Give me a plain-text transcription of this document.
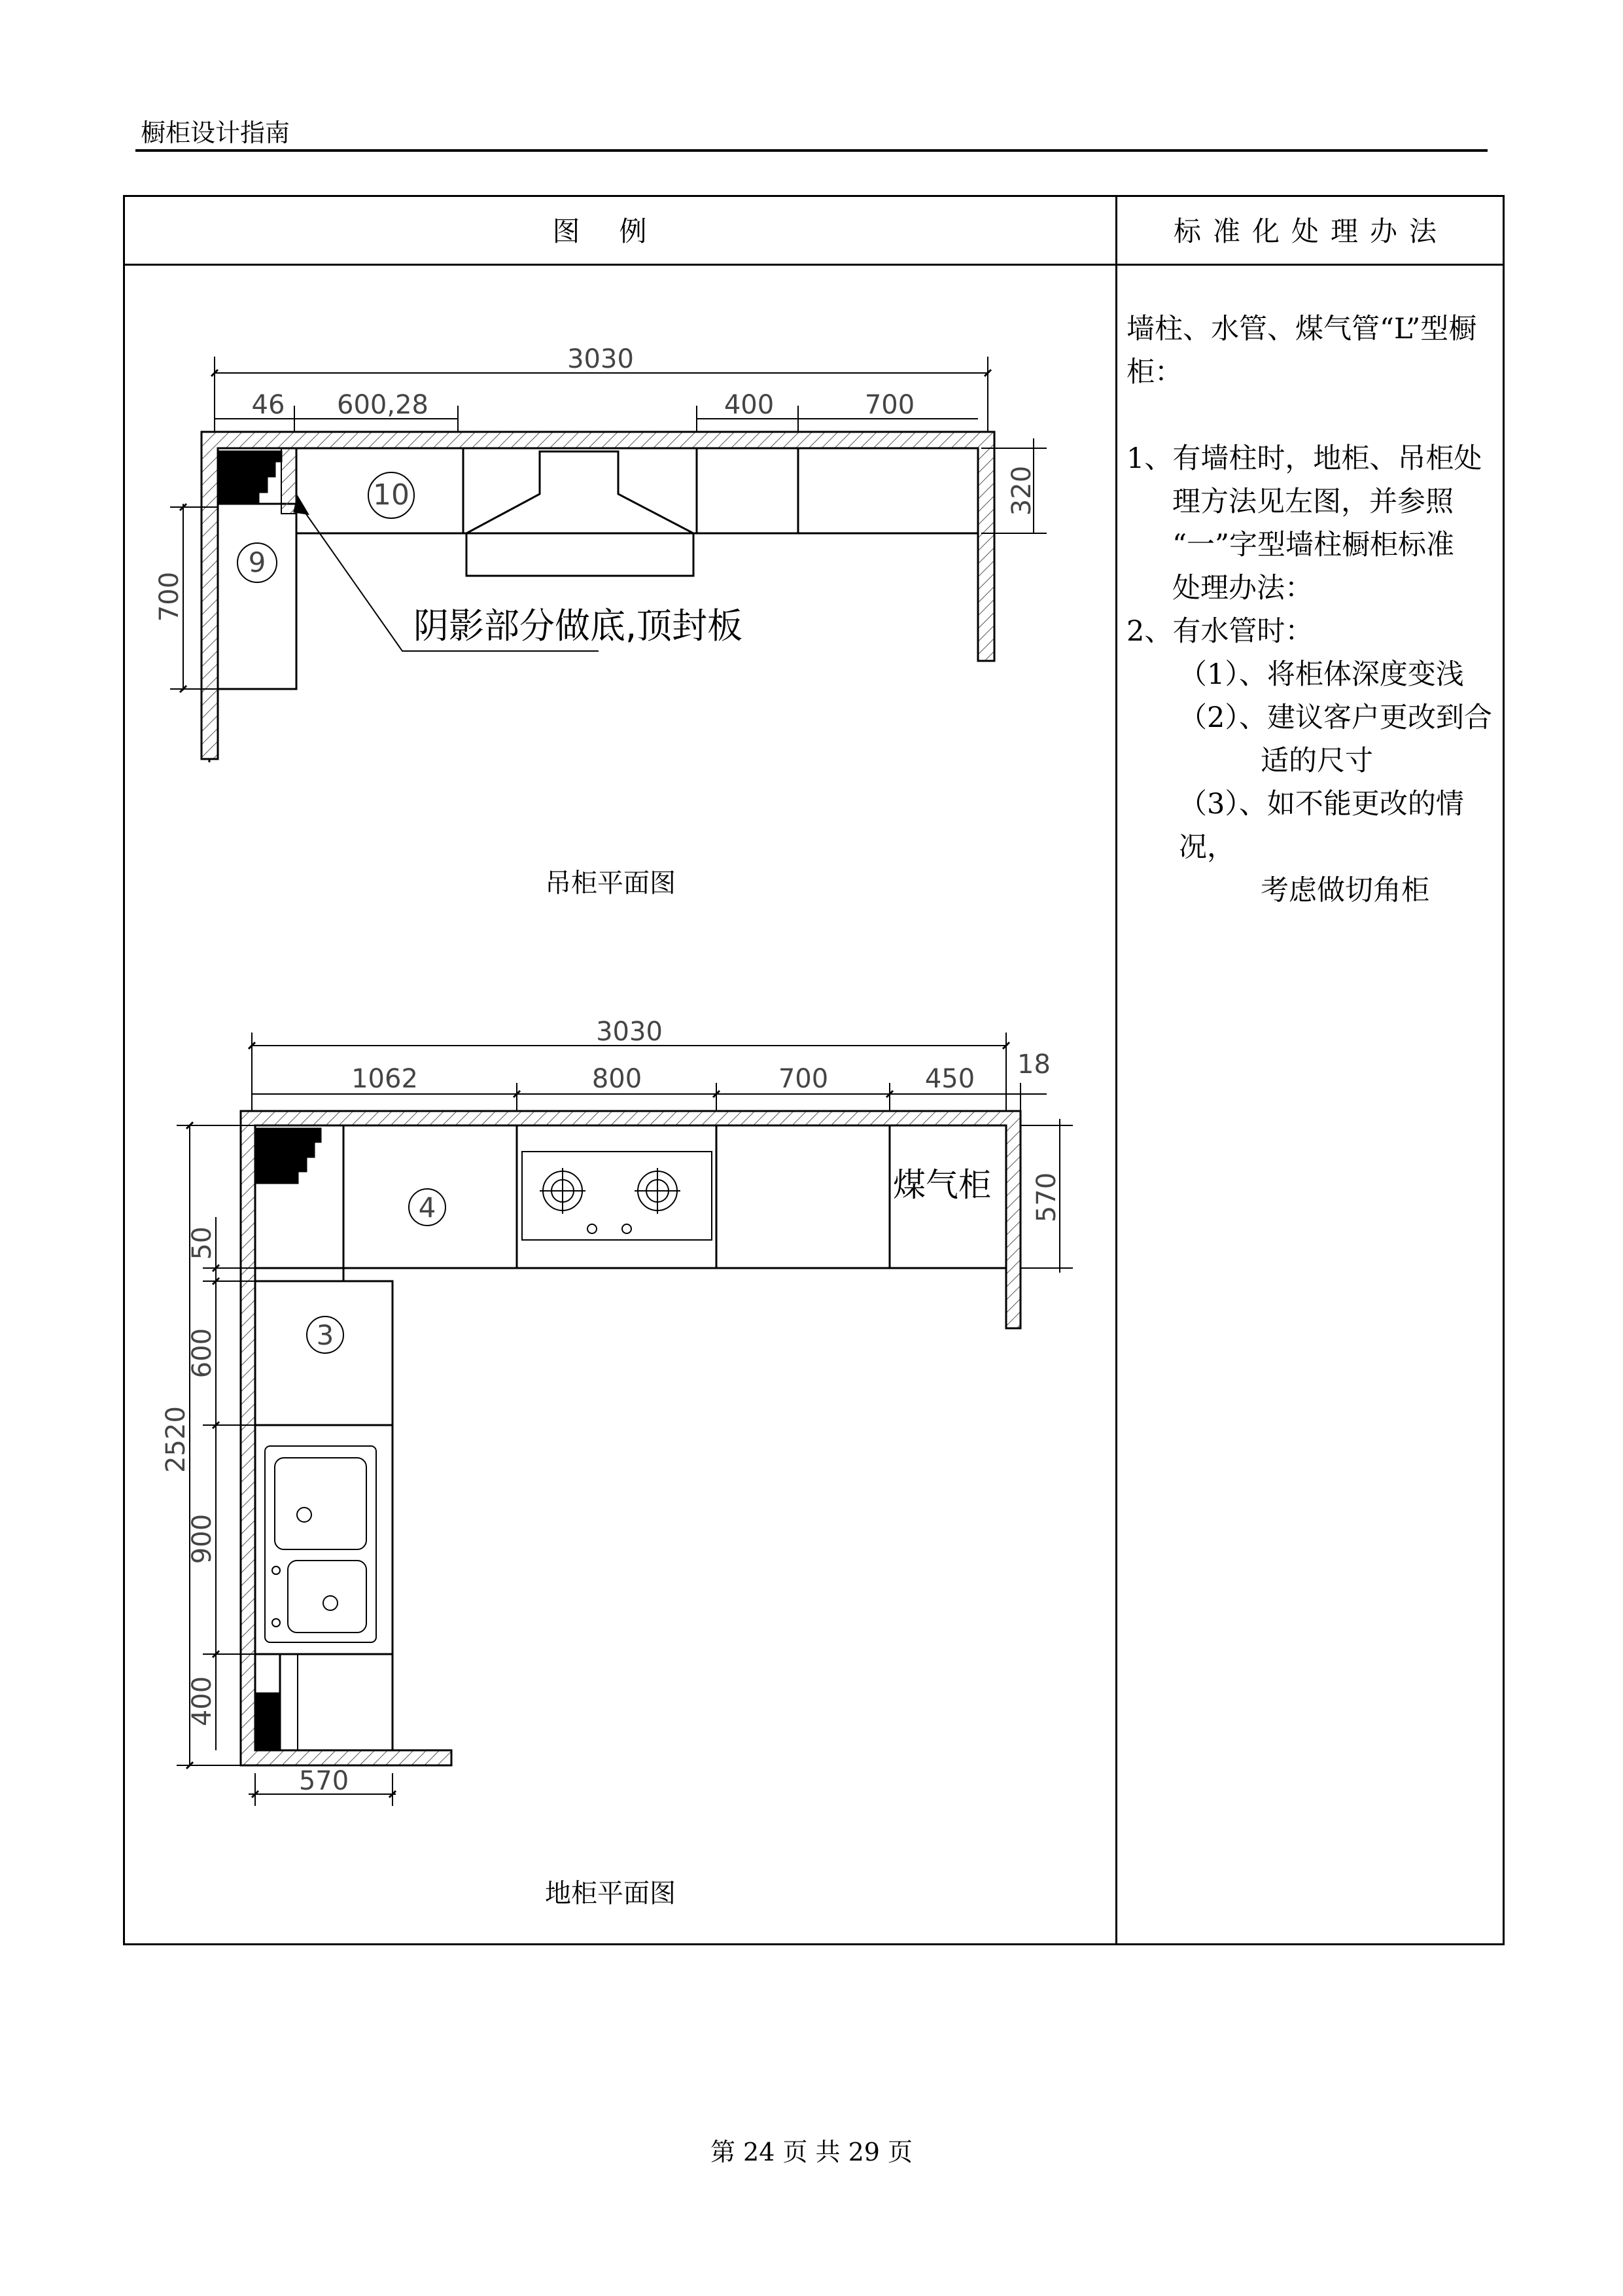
橱柜设计指南
图例	标准化处理办法
3030
46 600,28	400	700
320
700
10
9
阴影部分做底,顶封板
3030
18
1062	800	700	450
570
50
600
2520
900
400
570
4
3
煤气柜
吊柜平面图
地柜平面图

墙柱、水管、煤气管“L”型橱柜：

1、有墙柱时，地柜、吊柜处

理方法见左图，并参照

“一”字型墙柱橱柜标准

处理办法：

2、有水管时：

（1）、将柜体深度变浅

（2）、建议客户更改到合

适的尺寸

（3）、如不能更改的情况，

考虑做切角柜

第 24 页 共 29 页
